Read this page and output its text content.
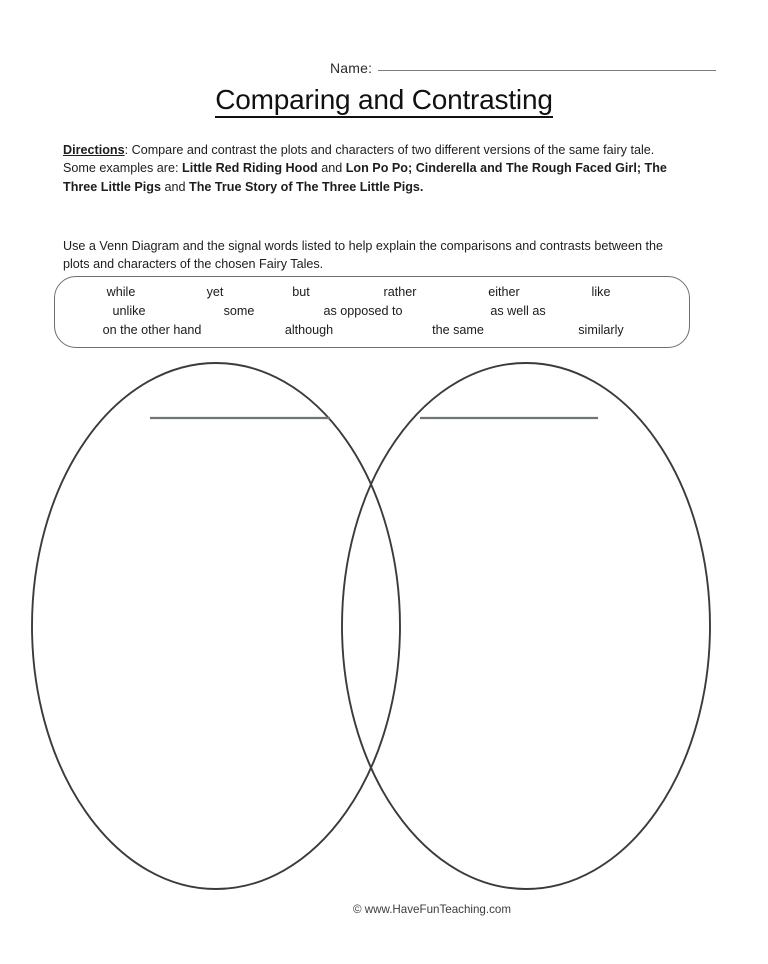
Name:
Comparing and Contrasting

Directions: Compare and contrast the plots and characters of two different versions of the same fairy tale. Some examples are: Little Red Riding Hood and Lon Po Po; Cinderella and The Rough Faced Girl; The Three Little Pigs and The True Story of The Three Little Pigs.

Use a Venn Diagram and the signal words listed to help explain the comparisons and contrasts between the plots and characters of the chosen Fairy Tales.

while	yet	but	rather	either	like
unlike	some	as opposed to	as well as
on the other hand	although	the same	similarly
© www.HaveFunTeaching.com
